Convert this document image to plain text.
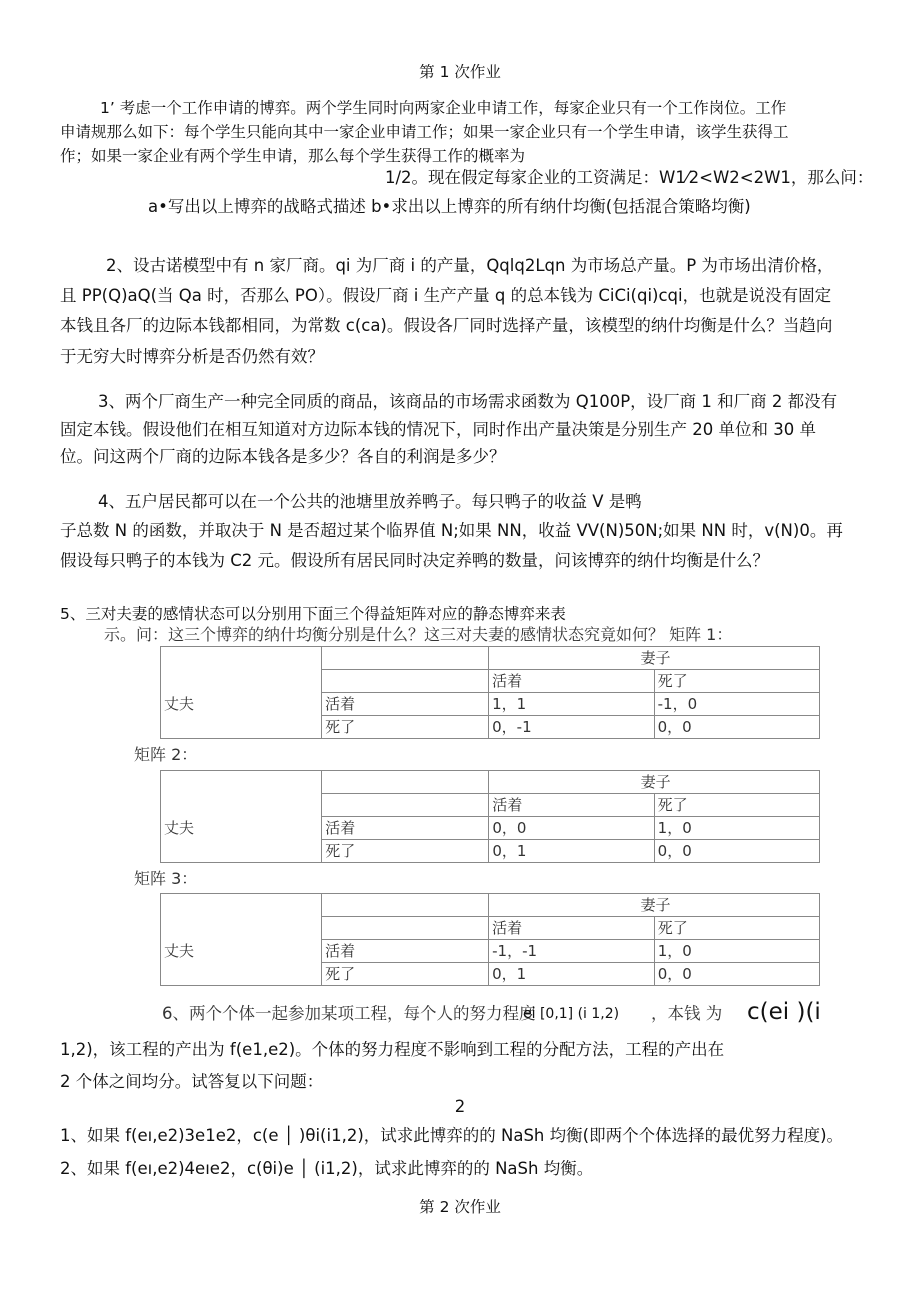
第 1 次作业
1’ 考虑一个工作申请的博弈。两个学生同时向两家企业申请工作，每家企业只有一个工作岗位。工作
申请规那么如下：每个学生只能向其中一家企业申请工作；如果一家企业只有一个学生申请，该学生获得工
作；如果一家企业有两个学生申请，那么每个学生获得工作的概率为
1/2。现在假定每家企业的工资满足：W1⁄2<W2<2W1，那么问：
a•写出以上博弈的战略式描述 b•求出以上博弈的所有纳什均衡(包括混合策略均衡)
2、设古诺模型中有 n 家厂商。qi 为厂商 i 的产量，Qqlq2Lqn 为市场总产量。P 为市场出清价格，
且 PP(Q)aQ(当 Qa 时，否那么 PO）。假设厂商 i 生产产量 q 的总本钱为 CiCi(qi)cqi，也就是说没有固定
本钱且各厂的边际本钱都相同，为常数 c(ca)。假设各厂同时选择产量，该模型的纳什均衡是什么？当趋向
于无穷大时博弈分析是否仍然有效？
3、两个厂商生产一种完全同质的商品，该商品的市场需求函数为 Q100P，设厂商 1 和厂商 2 都没有
固定本钱。假设他们在相互知道对方边际本钱的情况下，同时作出产量决策是分别生产 20 单位和 30 单
位。问这两个厂商的边际本钱各是多少？各自的利润是多少？
4、五户居民都可以在一个公共的池塘里放养鸭子。每只鸭子的收益 V 是鸭
子总数 N 的函数，并取决于 N 是否超过某个临界值 N;如果 NN，收益 VV(N)50N;如果 NN 时，v(N)0。再
假设每只鸭子的本钱为 C2 元。假设所有居民同时决定养鸭的数量，问该博弈的纳什均衡是什么？
5、三对夫妻的感情状态可以分别用下面三个得益矩阵对应的静态博弈来表
示。问：这三个博弈的纳什均衡分别是什么？这三对夫妻的感情状态究竟如何？ 矩阵 1：
		妻子	
		活着	死了
丈夫	活着	1，1	-1，0
	死了	0，-1	0，0
矩阵 2：
		妻子	
		活着	死了
丈夫	活着	0，0	1，0
	死了	0，1	0，0
矩阵 3：
		妻子	
		活着	死了
丈夫	活着	-1，-1	1，0
	死了	0，1	0，0
6、两个个体一起参加某项工程，每个人的努力程度
ei [0,1] (i 1,2) ，本钱 为 c(ei )(i
1,2)，该工程的产出为 f(e1,e2)。个体的努力程度不影响到工程的分配方法，工程的产出在
2 个体之间均分。试答复以下问题：
2
1、如果 f(eı,e2)3e1e2，c(e │ )θi(i1,2)，试求此博弈的的 NaSh 均衡(即两个个体选择的最优努力程度)。
2、如果 f(eı,e2)4eıe2，c(θi)e │ (i1,2)，试求此博弈的的 NaSh 均衡。
第 2 次作业
